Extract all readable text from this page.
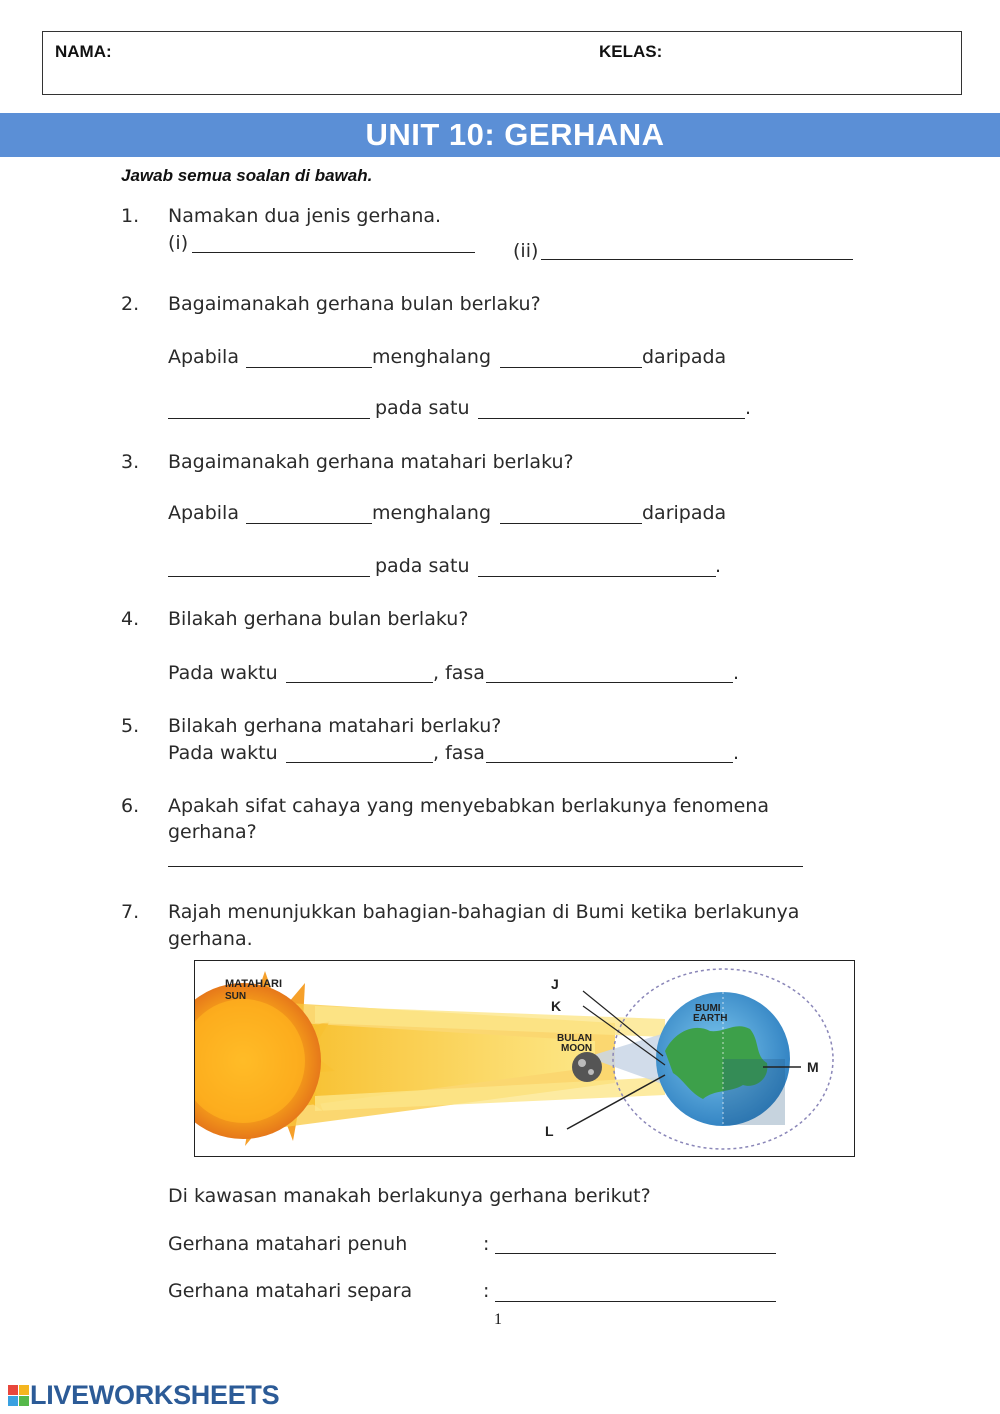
NAMA:	KELAS:
UNIT 10: GERHANA
Jawab semua soalan di bawah.
1. Namakan dua jenis gerhana.
(i)	(ii)
2. Bagaimanakah gerhana bulan berlaku?
Apabila	menghalang	daripada
pada satu	.
3. Bagaimanakah gerhana matahari berlaku?
Apabila	menghalang	daripada
pada satu	.
4. Bilakah gerhana bulan berlaku?
Pada waktu	, fasa	.
5. Bilakah gerhana matahari berlaku?
Pada waktu	, fasa	.
6. Apakah sifat cahaya yang menyebabkan berlakunya fenomena
gerhana?
7. Rajah menunjukkan bahagian-bahagian di Bumi ketika berlakunya
gerhana.
MATAHARI
SUN
BULAN
MOON
BUMI
EARTH
J
K
L
M
Di kawasan manakah berlakunya gerhana berikut?
Gerhana matahari penuh	:
Gerhana matahari separa	:
1
LIVEWORKSHEETS
